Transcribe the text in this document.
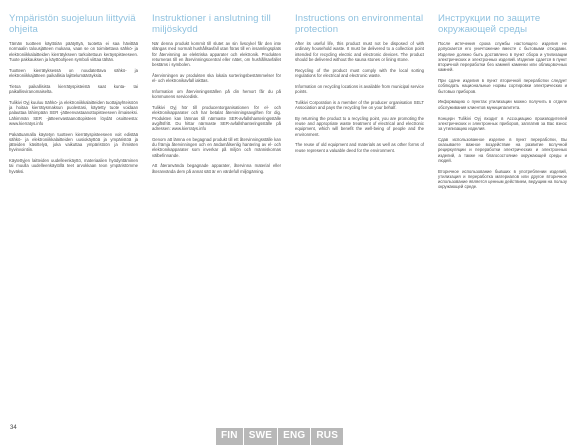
Ympäristön suojeluun liittyviä ohjeita

Tämän tuotteen käyttöiän päätyttyä, tuotetta ei saa hävittää normaalin talousjätteen mukana, vaan se on toimitettava sähkö- ja elektroniikkalaitteiden kierrätykseen tarkoitettuun keräyspisteeseen. Tuote pakkauksen ja käyttöohjeen symboli viittaa tähän.

Tuotteen kierrätyksessä on noudatettava sähkö- ja elektroniikkajätteen paikallisia lajittelumääräyksiä.

Tietoa paikallisista kierrätyspisteistä saat kunta- tai paikallisviranomaiselta.

Tulikivi Oyj kuuluu Sähkö- ja elektroniikkalaitteiden tuottajayhteisöön ja hoitaa kierrätysmaksun puolestasi, käytetty tuote voidaan palauttaa lähimpään SER -jätteenvastaanottopisteeseen ilmaiseksi. Lähimmän SER -jätteenvastaanottopisteen löydät osoitteesta: www.kierratys.info

Pakattuamalla käytetyn tuotteen kierrätyspisteeseen voit edistää sähkö- ja elektroniikkalaitteiden uusiokäyttöä ja ympäristöä ja jätteiden käsittelyä, joka vaikuttaa ympäristöön ja ihmisten hyvinvointiin.

Käytettyjen laitteiden uudelleenkäyttö, materiaalien hyödyntäminen tai muulla uudelleenkäytöllä teet arvokkaan teon ympäristömme hyväksi.

Instruktioner i anslutning till miljöskydd

När denna produkt kommit till slutet av sin livscykel får den inte slängas med normalt hushållsavfall utan föras till en insamlingsplats för återvinning av elektriska apparater och elektronik. Produkten returneras till en återvinningscentral eller nätet, om hushållsavfallet bestäms i symbolen.

Återvinningen av produkten ska lokala sorteringsbestämmelser för el- och elektronikavfall iakttas.

Information om återvinningsställen på din hemort får du på kommunens servicedisk.

Tulikivi Oyj hör till producentorganisationen för el- och elektronikapparater och har betalat återvinningsavgiften för dig. Produkten kan lämnas till närmaste SER-avfallshanteringsställe avgiftsfritt. Du hittar närmaste SER-avfallshanteringsställe på adressen: www.kierratys.info

Genom att lämna en begagnad produkt till ett återvinningsställe kan du främja återvinningen och en ändamålsenlig hantering av el- och elektronikapparater som inverkar på miljön och människornas välbefinnande.

Att återanvända begagnade apparater, återvinna material eller återanvända dem på annat sätt är en värdefull miljögärning.

Instructions on environmental protection

After its useful life, this product must not be disposed of with ordinary household waste. It must be delivered to a collection point intended for recycling electric and electronic devices. The product should be delivered without the sauna stones or lining stone.

Recycling of the product must comply with the local sorting regulations for electrical and electronic waste.

Information on recycling locations is available from municipal service points.

Tulikivi Corporation is a member of the producer organisation SELT Association and pays the recycling fee on your behalf.

By returning the product to a recycling point, you are promoting the reuse and appropriate waste treatment of electrical and electronic equipment, which will benefit the well-being of people and the environment.

The reuse of old equipment and materials as well as other forms of reuse represent a valuable deed for the environment.

Инструкции по защите окружающей среды

После истечения срока службы настоящего изделия не допускается его уничтожение вместе с бытовыми отходами. Изделие должно быть доставлено в пункт сбора и утилизации электрических и электронных изделий. Изделие сдается в пункт вторичной переработки без камней каменки или облицовочных камней.

При сдаче изделия в пункт вторичной переработки следует соблюдать национальные нормы сортировки электрических и бытовых приборов.

Информацию о пунктах утилизации можно получить в отделе обслуживания клиентов муниципалитета.

Концерн Tulikivi Oyj входит в Ассоциацию производителей электрических и электронных приборов, заплатив за Вас взнос за утилизацию изделия.

Сдав использованное изделие в пункт переработки, Вы оказываете важное воздействие на развитие вслучной рециркуляции и переработки электрических и электронных изделий, а также на благосостояние окружающей среды и людей.

Вторичное использование бывших в употреблении изделий, утилизация и переработка материалов или другое вторичное использование является ценным действием, ведущим на пользу окружающей среде.

34
FIN	SWE	ENG	RUS
